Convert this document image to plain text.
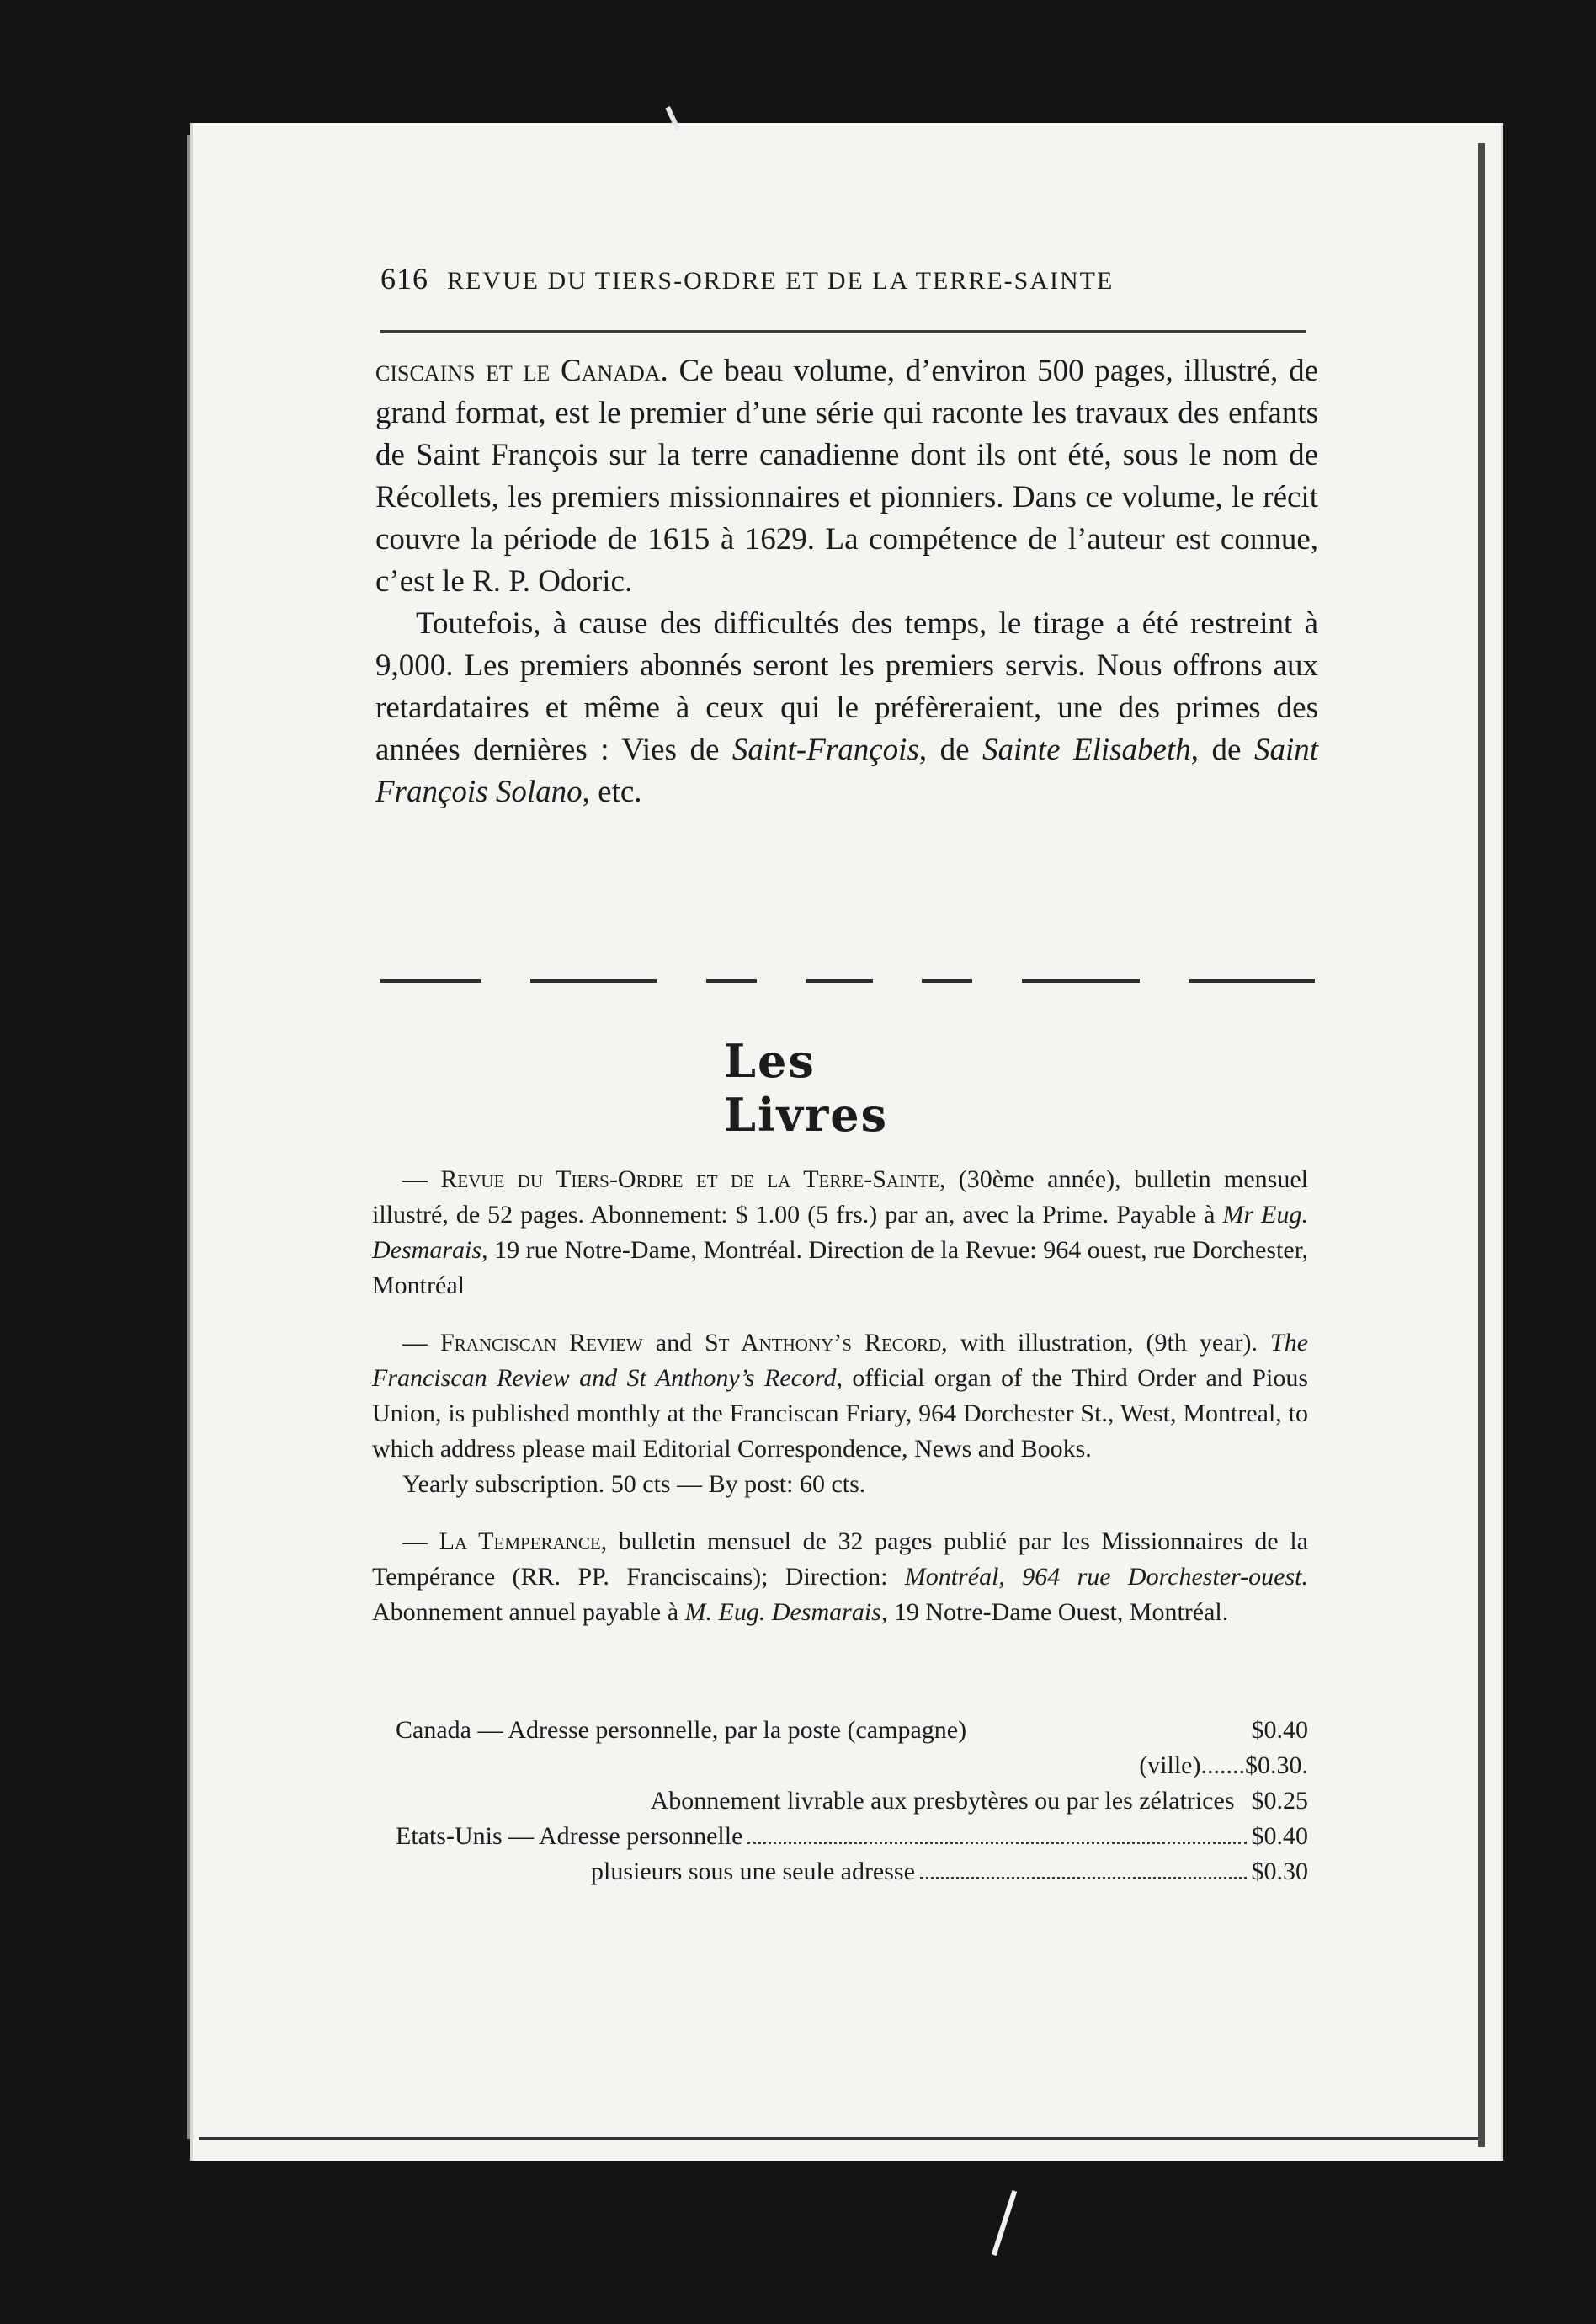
616 REVUE DU TIERS-ORDRE ET DE LA TERRE-SAINTE

ciscains et le Canada. Ce beau volume, d’environ 500 pages, illustré, de grand format, est le premier d’une série qui raconte les travaux des enfants de Saint François sur la terre canadienne dont ils ont été, sous le nom de Récollets, les premiers missionnaires et pionniers. Dans ce volume, le récit couvre la période de 1615 à 1629. La compétence de l’auteur est connue, c’est le R. P. Odoric.

Toutefois, à cause des difficultés des temps, le tirage a été restreint à 9,000. Les premiers abonnés seront les premiers servis. Nous offrons aux retardataires et même à ceux qui le préfèreraient, une des primes des années dernières : Vies de Saint-François, de Sainte Elisabeth, de Saint François Solano, etc.

Les Livres

— Revue du Tiers-Ordre et de la Terre-Sainte, (30ème année), bulletin mensuel illustré, de 52 pages. Abonnement: $ 1.00 (5 frs.) par an, avec la Prime. Payable à Mr Eug. Desmarais, 19 rue Notre-Dame, Montréal. Direction de la Revue: 964 ouest, rue Dorchester, Montréal

— Franciscan Review and St Anthony’s Record, with illustration, (9th year). The Franciscan Review and St Anthony’s Record, official organ of the Third Order and Pious Union, is published monthly at the Franciscan Friary, 964 Dorchester St., West, Montreal, to which address please mail Editorial Correspondence, News and Books.

Yearly subscription. 50 cts — By post: 60 cts.

— La Temperance, bulletin mensuel de 32 pages publié par les Missionnaires de la Tempérance (RR. PP. Franciscains); Direction: Montréal, 964 rue Dorchester-ouest. Abonnement annuel payable à M. Eug. Desmarais, 19 Notre-Dame Ouest, Montréal.

Canada — Adresse personnelle, par la poste (campagne)	$0.40
(ville)....... $0.30.
Abonnement livrable aux presbytères ou par les zélatrices $0.25
Etats-Unis — Adresse personnelle	$0.40
plusieurs sous une seule adresse	$0.30
